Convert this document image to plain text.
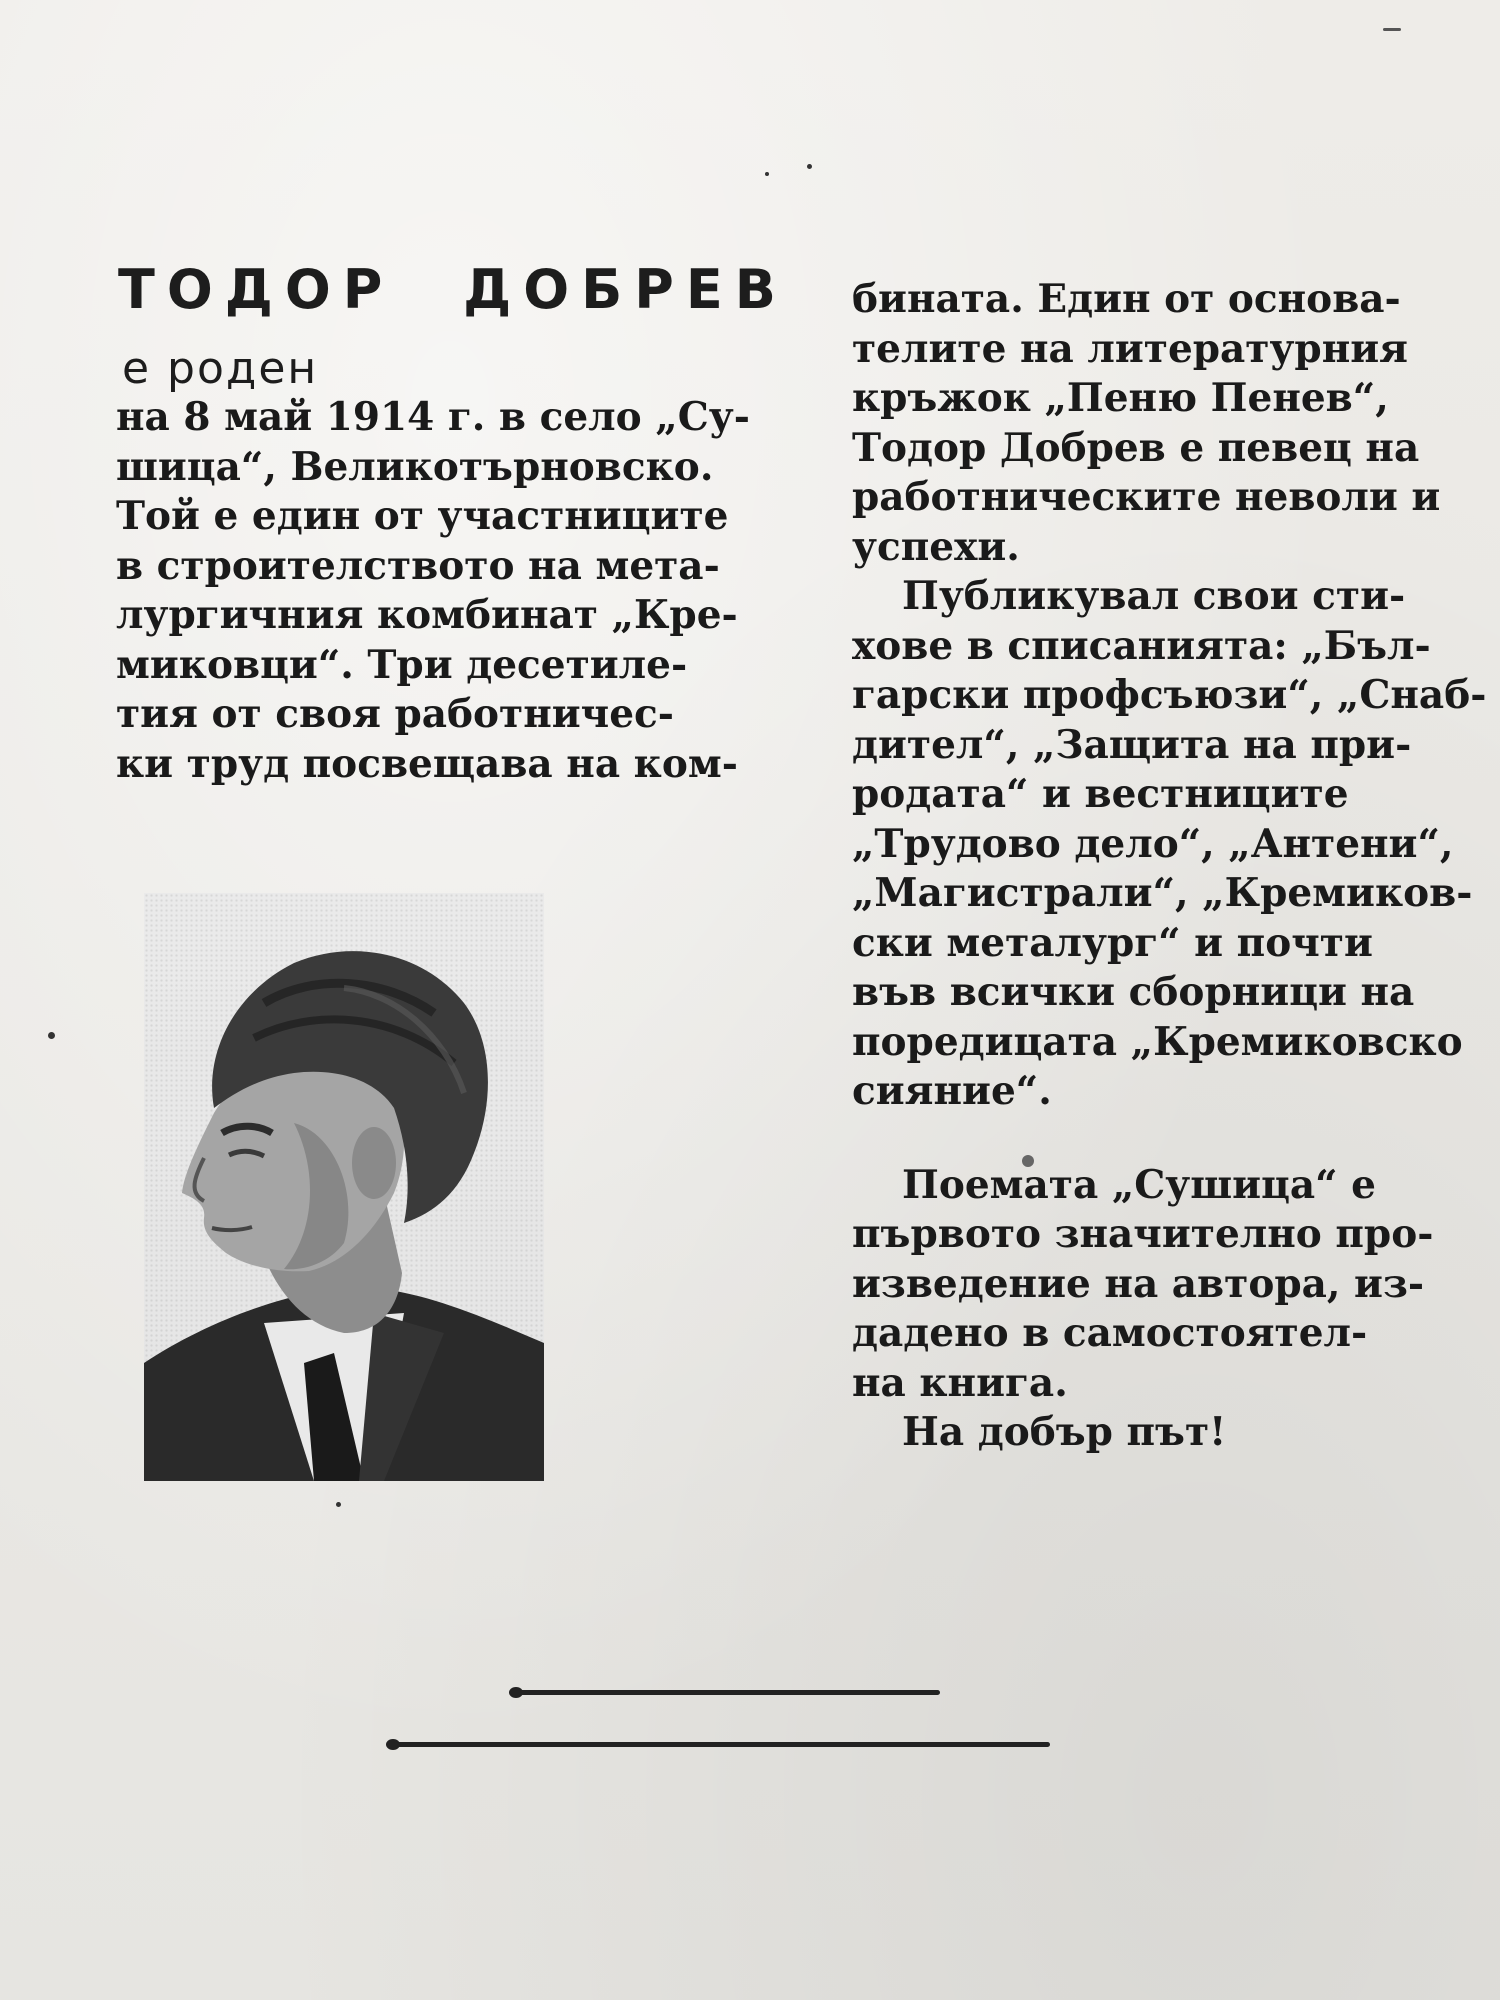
ТОДОР ДОБРЕВ
е роден
на 8 май 1914 г. в село „Су-
шица“, Великотърновско.
Той е един от участниците
в строителството на мета-
лургичния комбинат „Кре-
миковци“. Три десетиле-
тия от своя работничес-
ки труд посвещава на ком-
бината. Един от основа-
телите на литературния
кръжок „Пеню Пенев“,
Тодор Добрев е певец на
работническите неволи и
успехи.
Публикувал свои сти-
хове в списанията: „Бъл-
гарски профсъюзи“, „Снаб-
дител“, „Защита на при-
родата“ и вестниците
„Трудово дело“, „Антени“,
„Магистрали“, „Кремиков-
ски металург“ и почти
във всички сборници на
поредицата „Кремиковско
сияние“.
Поемата „Сушица“ е
първото значително про-
изведение на автора, из-
дадено в самостоятел-
на книга.
На добър път!
